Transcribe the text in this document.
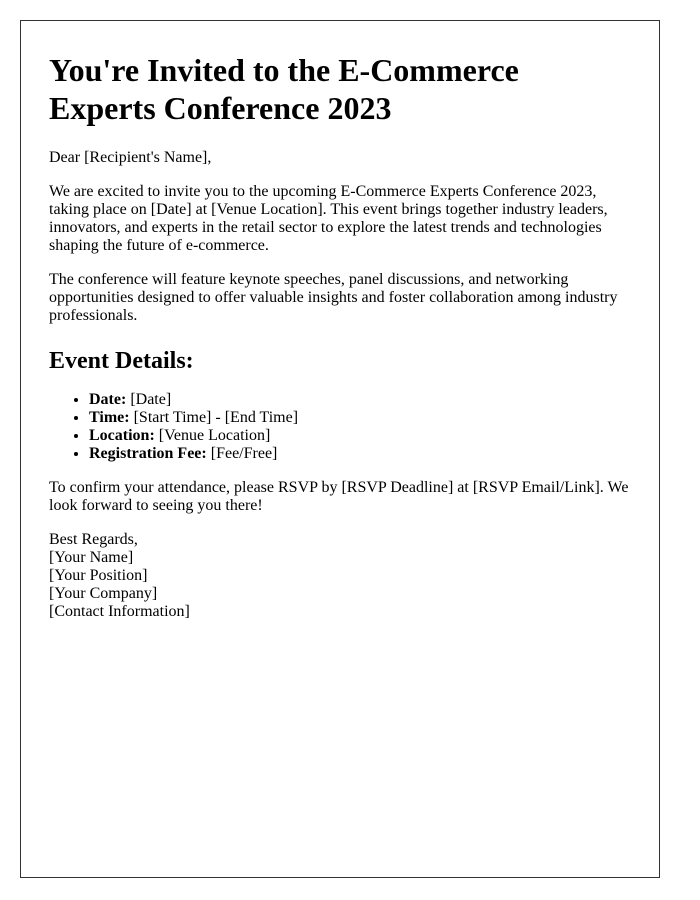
You're Invited to the E-Commerce Experts Conference 2023

Dear [Recipient's Name],

We are excited to invite you to the upcoming E-Commerce Experts Conference 2023, taking place on [Date] at [Venue Location]. This event brings together industry leaders, innovators, and experts in the retail sector to explore the latest trends and technologies shaping the future of e-commerce.

The conference will feature keynote speeches, panel discussions, and networking opportunities designed to offer valuable insights and foster collaboration among industry professionals.

Event Details:
• Date: [Date]
• Time: [Start Time] - [End Time]
• Location: [Venue Location]
• Registration Fee: [Fee/Free]

To confirm your attendance, please RSVP by [RSVP Deadline] at [RSVP Email/Link]. We look forward to seeing you there!

Best Regards,
[Your Name]
[Your Position]
[Your Company]
[Contact Information]
